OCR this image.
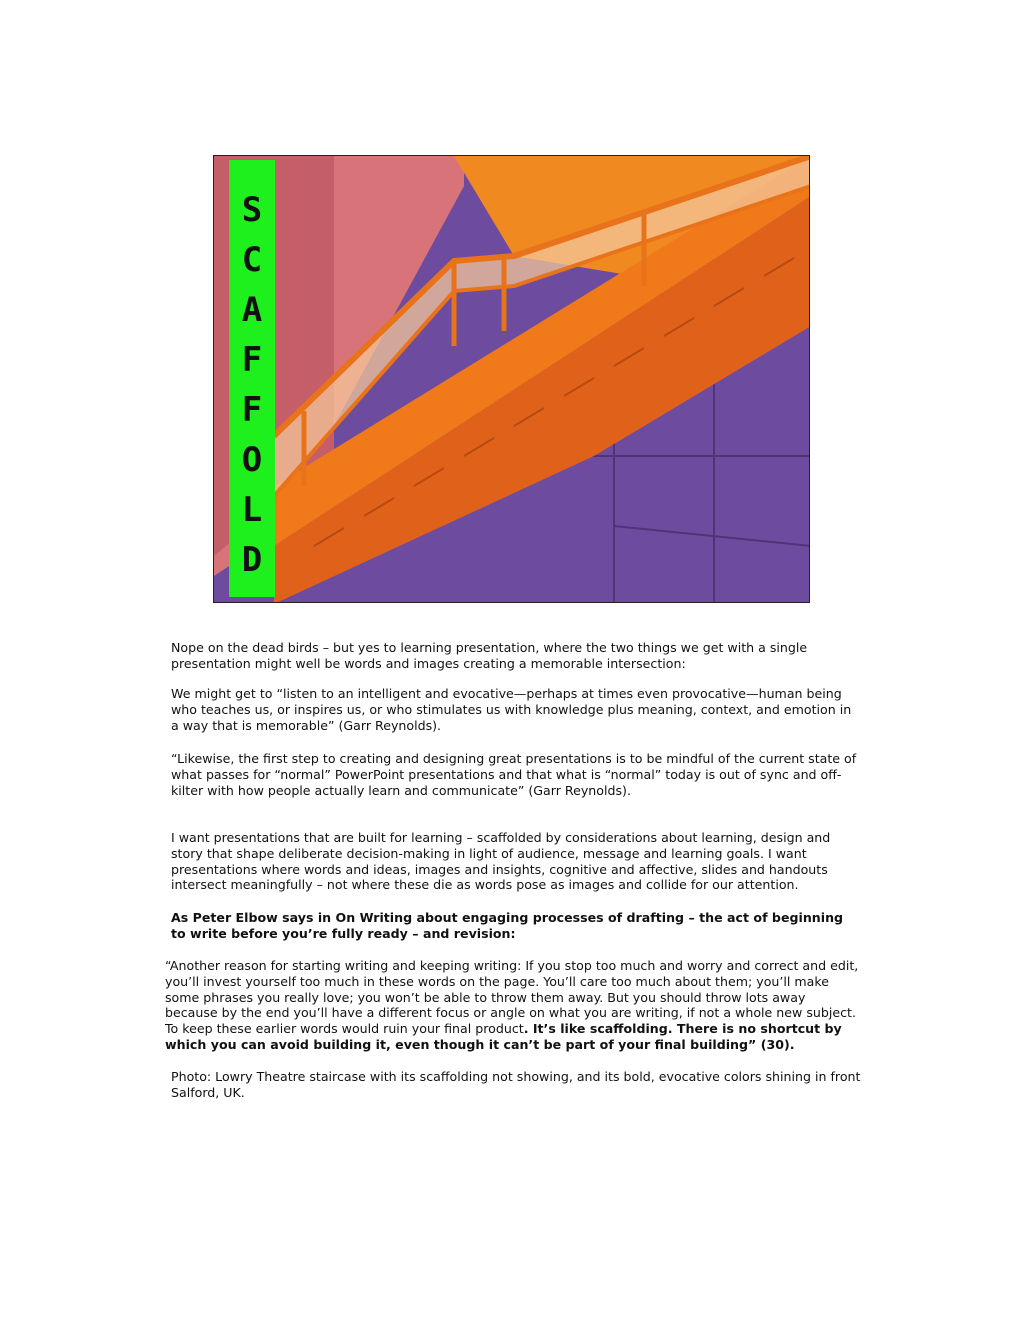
S
C
A
F
F
O
L
D

Nope on the dead birds – but yes to learning presentation, where the two things we get with a single presentation might well be words and images creating a memorable intersection:

We might get to “listen to an intelligent and evocative—perhaps at times even provocative—human being who teaches us, or inspires us, or who stimulates us with knowledge plus meaning, context, and emotion in a way that is memorable” (Garr Reynolds).

“Likewise, the first step to creating and designing great presentations is to be mindful of the current state of what passes for “normal” PowerPoint presentations and that what is “normal” today is out of sync and off-kilter with how people actually learn and communicate” (Garr Reynolds).

I want presentations that are built for learning – scaffolded by considerations about learning, design and story that shape deliberate decision-making in light of audience, message and learning goals. I want presentations where words and ideas, images and insights, cognitive and affective, slides and handouts intersect meaningfully – not where these die as words pose as images and collide for our attention.

As Peter Elbow says in On Writing about engaging processes of drafting – the act of beginning to write before you’re fully ready – and revision:

“Another reason for starting writing and keeping writing: If you stop too much and worry and correct and edit, you’ll invest yourself too much in these words on the page. You’ll care too much about them; you’ll make some phrases you really love; you won’t be able to throw them away. But you should throw lots away because by the end you’ll have a different focus or angle on what you are writing, if not a whole new subject. To keep these earlier words would ruin your final product. It’s like scaffolding. There is no shortcut by which you can avoid building it, even though it can’t be part of your final building” (30).

Photo: Lowry Theatre staircase with its scaffolding not showing, and its bold, evocative colors shining in front Salford, UK.
